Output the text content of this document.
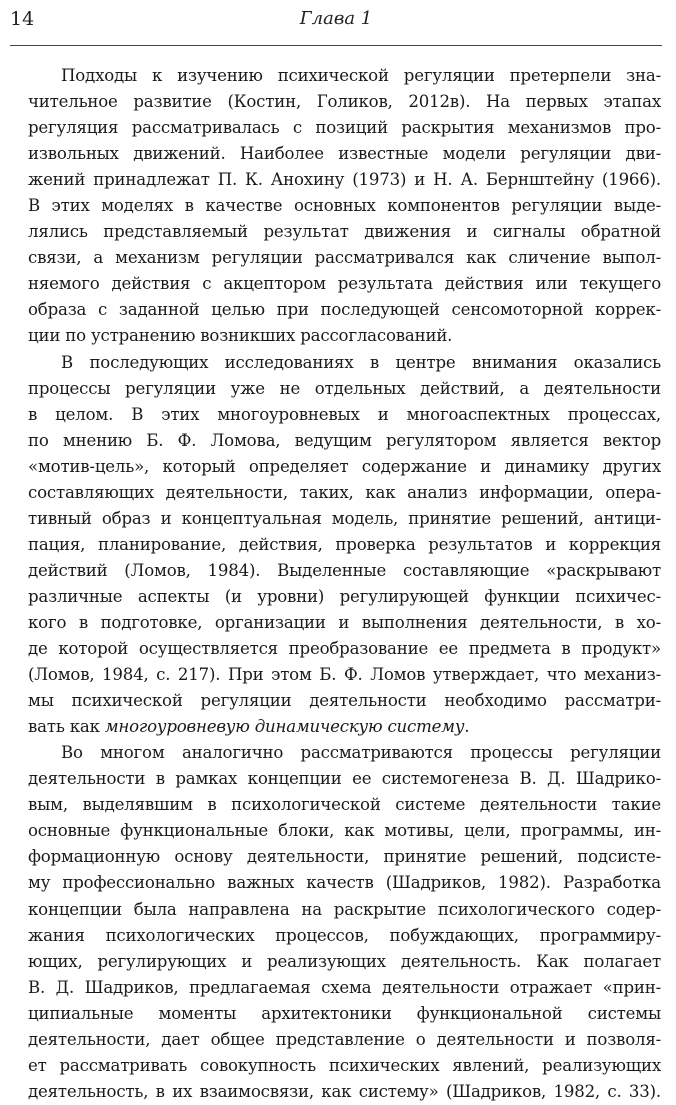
14	Глава 1
Подходы к изучению психической регуляции претерпели зна-
чительное развитие (Костин, Голиков, 2012в). На первых этапах
регуляция рассматривалась с позиций раскрытия механизмов про-
извольных движений. Наиболее известные модели регуляции дви-
жений принадлежат П. К. Анохину (1973) и Н. А. Бернштейну (1966).
В этих моделях в качестве основных компонентов регуляции выде-
лялись представляемый результат движения и сигналы обратной
связи, а механизм регуляции рассматривался как сличение выпол-
няемого действия с акцептором результата действия или текущего
образа с заданной целью при последующей сенсомоторной коррек-
ции по устранению возникших рассогласований.
В последующих исследованиях в центре внимания оказались
процессы регуляции уже не отдельных действий, а деятельности
в целом. В этих многоуровневых и многоаспектных процессах,
по мнению Б. Ф. Ломова, ведущим регулятором является вектор
«мотив-цель», который определяет содержание и динамику других
составляющих деятельности, таких, как анализ информации, опера-
тивный образ и концептуальная модель, принятие решений, антици-
пация, планирование, действия, проверка результатов и коррекция
действий (Ломов, 1984). Выделенные составляющие «раскрывают
различные аспекты (и уровни) регулирующей функции психичес-
кого в подготовке, организации и выполнения деятельности, в хо-
де которой осуществляется преобразование ее предмета в продукт»
(Ломов, 1984, с. 217). При этом Б. Ф. Ломов утверждает, что механиз-
мы психической регуляции деятельности необходимо рассматри-
вать как многоуровневую динамическую систему.
Во многом аналогично рассматриваются процессы регуляции
деятельности в рамках концепции ее системогенеза В. Д. Шадрико-
вым, выделявшим в психологической системе деятельности такие
основные функциональные блоки, как мотивы, цели, программы, ин-
формационную основу деятельности, принятие решений, подсисте-
му профессионально важных качеств (Шадриков, 1982). Разработка
концепции была направлена на раскрытие психологического содер-
жания психологических процессов, побуждающих, программиру-
ющих, регулирующих и реализующих деятельность. Как полагает
В. Д. Шадриков, предлагаемая схема деятельности отражает «прин-
ципиальные моменты архитектоники функциональной системы
деятельности, дает общее представление о деятельности и позволя-
ет рассматривать совокупность психических явлений, реализующих
деятельность, в их взаимосвязи, как систему» (Шадриков, 1982, с. 33).
